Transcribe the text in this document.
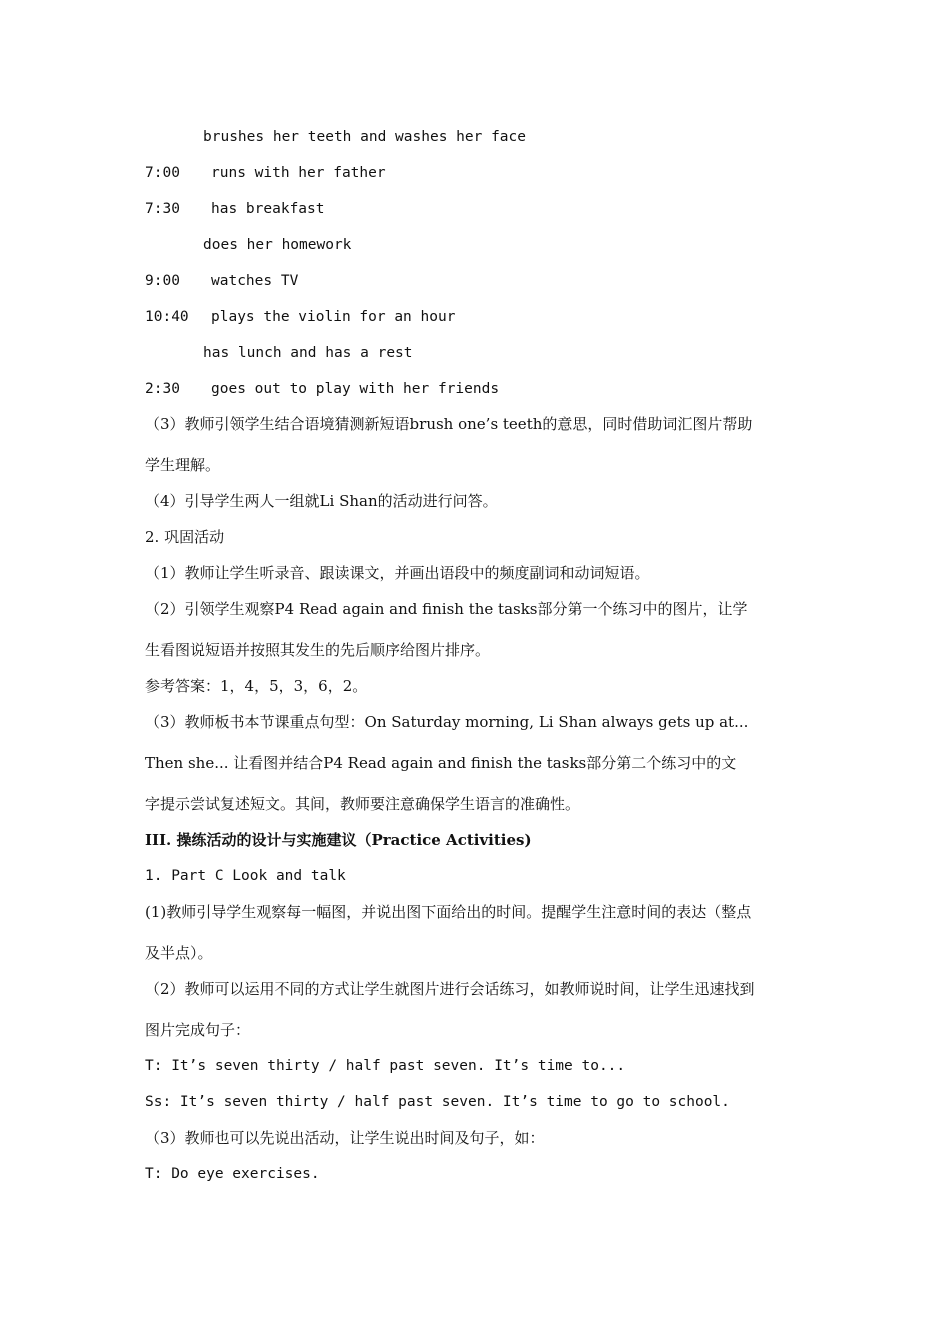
brushes her teeth and washes her face
7:00 runs with her father
7:30 has breakfast
does her homework
9:00 watches TV
10:40 plays the violin for an hour
has lunch and has a rest
2:30 goes out to play with her friends
（3）教师引领学生结合语境猜测新短语brush one’s teeth的意思，同时借助词汇图片帮助
学生理解。
（4）引导学生两人一组就Li Shan的活动进行问答。
2. 巩固活动
（1）教师让学生听录音、跟读课文，并画出语段中的频度副词和动词短语。
（2）引领学生观察P4 Read again and finish the tasks部分第一个练习中的图片，让学
生看图说短语并按照其发生的先后顺序给图片排序。
参考答案：1，4，5，3，6，2。
（3）教师板书本节课重点句型：On Saturday morning, Li Shan always gets up at...
Then she... 让看图并结合P4 Read again and finish the tasks部分第二个练习中的文
字提示尝试复述短文。其间，教师要注意确保学生语言的准确性。
III. 操练活动的设计与实施建议（Practice Activities)
1. Part C Look and talk
(1)教师引导学生观察每一幅图，并说出图下面给出的时间。提醒学生注意时间的表达（整点
及半点）。
（2）教师可以运用不同的方式让学生就图片进行会话练习，如教师说时间，让学生迅速找到
图片完成句子：
T: It’s seven thirty / half past seven. It’s time to...
Ss: It’s seven thirty / half past seven. It’s time to go to school.
（3）教师也可以先说出活动，让学生说出时间及句子，如：
T: Do eye exercises.
